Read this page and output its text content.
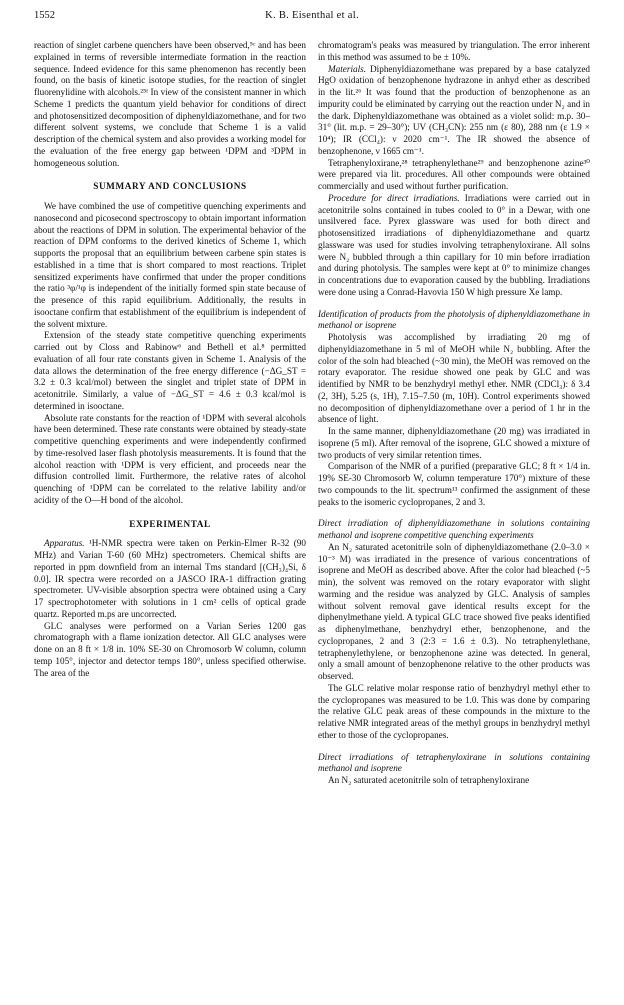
1552	K. B. Eisenthal et al.

reaction of singlet carbene quenchers have been observed,⁵ᶜ and has been explained in terms of reversible intermediate formation in the reaction sequence. Indeed evidence for this same phenomenon has recently been found, on the basis of kinetic isotope studies, for the reaction of singlet fluorenylidine with alcohols.²⁵ᶠ In view of the consistent manner in which Scheme 1 predicts the quantum yield behavior for conditions of direct and photosensitized decomposition of diphenyldiazomethane, and for two different solvent systems, we conclude that Scheme 1 is a valid description of the chemical system and also provides a working model for the evaluation of the free energy gap between ¹DPM and ³DPM in homogeneous solution.

SUMMARY AND CONCLUSIONS

We have combined the use of competitive quenching experiments and nanosecond and picosecond spectroscopy to obtain important information about the reactions of DPM in solution. The experimental behavior of the reaction of DPM conforms to the derived kinetics of Scheme 1, which supports the proposal that an equilibrium between carbene spin states is established in a time that is short compared to most reactions. Triplet sensitized experiments have confirmed that under the proper conditions the ratio ³φ/¹φ is independent of the initially formed spin state because of the presence of this rapid equilibrium. Additionally, the results in isooctane confirm that establishment of the equilibrium is independent of the solvent mixture.

Extension of the steady state competitive quenching experiments carried out by Closs and Rabinow⁶ and Bethell et al.⁸ permitted evaluation of all four rate constants given in Scheme 1. Analysis of the data allows the determination of the free energy difference (−ΔG_ST = 3.2 ± 0.3 kcal/mol) between the singlet and triplet state of DPM in acetonitrile. Similarly, a value of −ΔG_ST = 4.6 ± 0.3 kcal/mol is determined in isooctane.

Absolute rate constants for the reaction of ¹DPM with several alcohols have been determined. These rate constants were obtained by steady-state competitive quenching experiments and were independently confirmed by time-resolved laser flash photolysis measurements. It is found that the alcohol reaction with ¹DPM is very efficient, and proceeds near the diffusion controlled limit. Furthermore, the relative rates of alcohol quenching of ¹DPM can be correlated to the relative lability and/or acidity of the O—H bond of the alcohol.

EXPERIMENTAL

Apparatus. ¹H-NMR spectra were taken on Perkin-Elmer R-32 (90 MHz) and Varian T-60 (60 MHz) spectrometers. Chemical shifts are reported in ppm downfield from an internal Tms standard [(CH₃)₄Si, δ 0.0]. IR spectra were recorded on a JASCO IRA-1 diffraction grating spectrometer. UV-visible absorption spectra were obtained using a Cary 17 spectrophotometer with solutions in 1 cm² cells of optical grade quartz. Reported m.ps are uncorrected.

GLC analyses were performed on a Varian Series 1200 gas chromatograph with a flame ionization detector. All GLC analyses were done on an 8 ft × 1/8 in. 10% SE-30 on Chromosorb W column, column temp 105°, injector and detector temps 180°, unless specified otherwise. The area of the

chromatogram's peaks was measured by triangulation. The error inherent in this method was assumed to be ± 10%.

Materials. Diphenyldiazomethane was prepared by a base catalyzed HgO oxidation of benzophenone hydrazone in anhyd ether as described in the lit.²⁶ It was found that the production of benzophenone as an impurity could be eliminated by carrying out the reaction under N₂ and in the dark. Diphenyldiazomethane was obtained as a violet solid: m.p. 30–31° (lit. m.p. = 29–30°); UV (CH₃CN): 255 nm (ε 80), 288 nm (ε 1.9 × 10⁴); IR (CCl₄): ν 2020 cm⁻¹. The IR showed the absence of benzophenone, ν 1665 cm⁻¹.

Tetraphenyloxirane,²⁸ tetraphenylethane²⁹ and benzophenone azine³⁰ were prepared via lit. procedures. All other compounds were obtained commercially and used without further purification.

Procedure for direct irradiations. Irradiations were carried out in acetonitrile solns contained in tubes cooled to 0° in a Dewar, with one unsilvered face. Pyrex glassware was used for both direct and photosensitized irradiations of diphenyldiazomethane and quartz glassware was used for studies involving tetraphenyloxirane. All solns were N₂ bubbled through a thin capillary for 10 min before irradiation and during photolysis. The samples were kept at 0° to minimize changes in concentrations due to evaporation caused by the bubbling. Irradiations were done using a Conrad-Havovia 150 W high pressure Xe lamp.

Identification of products from the photolysis of diphenyldiazomethane in methanol or isoprene

Photolysis was accomplished by irradiating 20 mg of diphenyldiazomethane in 5 ml of MeOH while N₂ bubbling. After the color of the soln had bleached (~30 min), the MeOH was removed on the rotary evaporator. The residue showed one peak by GLC and was identified by NMR to be benzhydryl methyl ether. NMR (CDCl₃): δ 3.4 (2, 3H), 5.25 (s, 1H), 7.15–7.50 (m, 10H). Control experiments showed no decomposition of diphenyldiazomethane over a period of 1 hr in the absence of light.

In the same manner, diphenyldiazomethane (20 mg) was irradiated in isoprene (5 ml). After removal of the isoprene, GLC showed a mixture of two products of very similar retention times.

Comparison of the NMR of a purified (preparative GLC; 8 ft × 1/4 in. 19% SE-30 Chromosorb W, column temperature 170°) mixture of these two compounds to the lit. spectrum¹³ confirmed the assignment of these peaks to the isomeric cyclopropanes, 2 and 3.

Direct irradiation of diphenyldiazomethane in solutions containing methanol and isoprene competitive quenching experiments

An N₂ saturated acetonitrile soln of diphenyldiazomethane (2.0–3.0 × 10⁻³ M) was irradiated in the presence of various concentrations of isoprene and MeOH as described above. After the color had bleached (~5 min), the solvent was removed on the rotary evaporator with slight warming and the residue was analyzed by GLC. Analysis of samples without solvent removal gave identical results except for the diphenylmethane yield. A typical GLC trace showed five peaks identified as diphenylmethane, benzhydryl ether, benzophenone, and the cyclopropanes, 2 and 3 (2:3 = 1.6 ± 0.3). No tetraphenylethane, tetraphenylethylene, or benzophenone azine was detected. In general, only a small amount of benzophenone relative to the other products was observed.

The GLC relative molar response ratio of benzhydryl methyl ether to the cyclopropanes was measured to be 1.0. This was done by comparing the relative GLC peak areas of these compounds in the mixture to the relative NMR integrated areas of the methyl groups in benzhydryl methyl ether to those of the cyclopropanes.

Direct irradiations of tetraphenyloxirane in solutions containing methanol and isoprene

An N₂ saturated acetonitrile soln of tetraphenyloxirane
